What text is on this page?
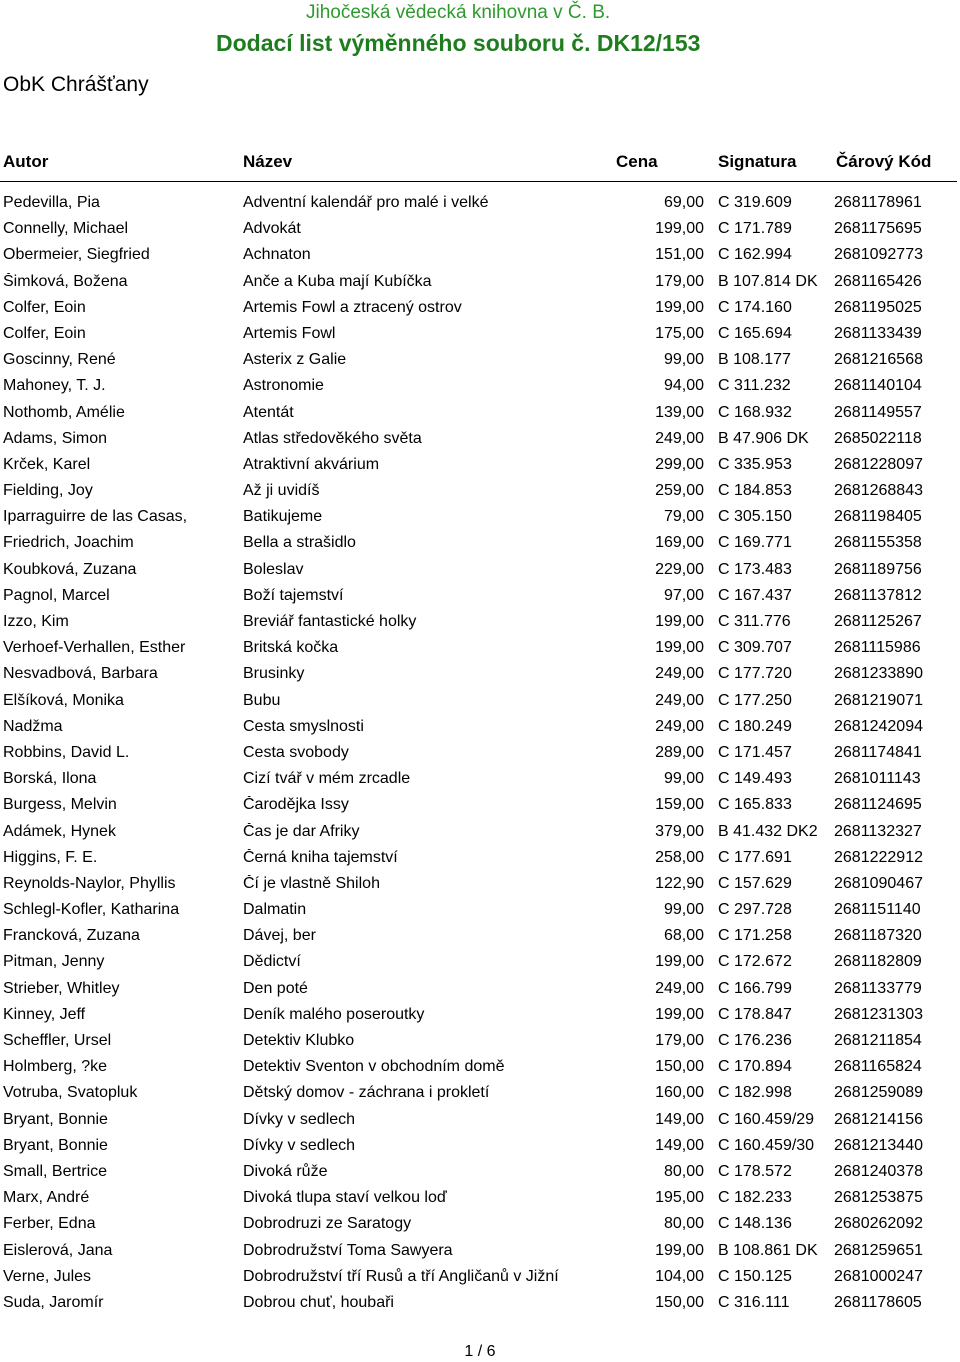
Jihočeská vědecká knihovna v Č. B.
Dodací list výměnného souboru č. DK12/153
ObK Chrášťany
Autor	Název	Cena	Signatura Čárový Kód
Pedevilla, Pia	Adventní kalendář pro malé i velké	69,00 C 319.609	2681178961
Connelly, Michael	Advokát	199,00 C 171.789	2681175695
Obermeier, Siegfried	Achnaton	151,00 C 162.994	2681092773
Šimková, Božena	Anče a Kuba mají Kubíčka	179,00 B 107.814 DK	2681165426
Colfer, Eoin	Artemis Fowl a ztracený ostrov	199,00 C 174.160	2681195025
Colfer, Eoin	Artemis Fowl	175,00 C 165.694	2681133439
Goscinny, René	Asterix z Galie	99,00 B 108.177	2681216568
Mahoney, T. J.	Astronomie	94,00 C 311.232	2681140104
Nothomb, Amélie	Atentát	139,00 C 168.932	2681149557
Adams, Simon	Atlas středověkého světa	249,00 B 47.906 DK	2685022118
Krček, Karel	Atraktivní akvárium	299,00 C 335.953	2681228097
Fielding, Joy	Až ji uvidíš	259,00 C 184.853	2681268843
Iparraguirre de las Casas,	Batikujeme	79,00 C 305.150	2681198405
Friedrich, Joachim	Bella a strašidlo	169,00 C 169.771	2681155358
Koubková, Zuzana	Boleslav	229,00 C 173.483	2681189756
Pagnol, Marcel	Boží tajemství	97,00 C 167.437	2681137812
Izzo, Kim	Breviář fantastické holky	199,00 C 311.776	2681125267
Verhoef-Verhallen, Esther	Britská kočka	199,00 C 309.707	2681115986
Nesvadbová, Barbara	Brusinky	249,00 C 177.720	2681233890
Elšíková, Monika	Bubu	249,00 C 177.250	2681219071
Nadžma	Cesta smyslnosti	249,00 C 180.249	2681242094
Robbins, David L.	Cesta svobody	289,00 C 171.457	2681174841
Borská, Ilona	Cizí tvář v mém zrcadle	99,00 C 149.493	2681011143
Burgess, Melvin	Čarodějka Issy	159,00 C 165.833	2681124695
Adámek, Hynek	Čas je dar Afriky	379,00 B 41.432 DK2	2681132327
Higgins, F. E.	Černá kniha tajemství	258,00 C 177.691	2681222912
Reynolds-Naylor, Phyllis	Čí je vlastně Shiloh	122,90 C 157.629	2681090467
Schlegl-Kofler, Katharina	Dalmatin	99,00 C 297.728	2681151140
Francková, Zuzana	Dávej, ber	68,00 C 171.258	2681187320
Pitman, Jenny	Dědictví	199,00 C 172.672	2681182809
Strieber, Whitley	Den poté	249,00 C 166.799	2681133779
Kinney, Jeff	Deník malého poseroutky	199,00 C 178.847	2681231303
Scheffler, Ursel	Detektiv Klubko	179,00 C 176.236	2681211854
Holmberg, ?ke	Detektiv Sventon v obchodním domě	150,00 C 170.894	2681165824
Votruba, Svatopluk	Dětský domov - záchrana i prokletí	160,00 C 182.998	2681259089
Bryant, Bonnie	Dívky v sedlech	149,00 C 160.459/29	2681214156
Bryant, Bonnie	Dívky v sedlech	149,00 C 160.459/30	2681213440
Small, Bertrice	Divoká růže	80,00 C 178.572	2681240378
Marx, André	Divoká tlupa staví velkou loď	195,00 C 182.233	2681253875
Ferber, Edna	Dobrodruzi ze Saratogy	80,00 C 148.136	2680262092
Eislerová, Jana	Dobrodružství Toma Sawyera	199,00 B 108.861 DK	2681259651
Verne, Jules	Dobrodružství tří Rusů a tří Angličanů v Jižní	104,00 C 150.125	2681000247
Suda, Jaromír	Dobrou chuť, houbaři	150,00 C 316.111	2681178605
1 / 6
